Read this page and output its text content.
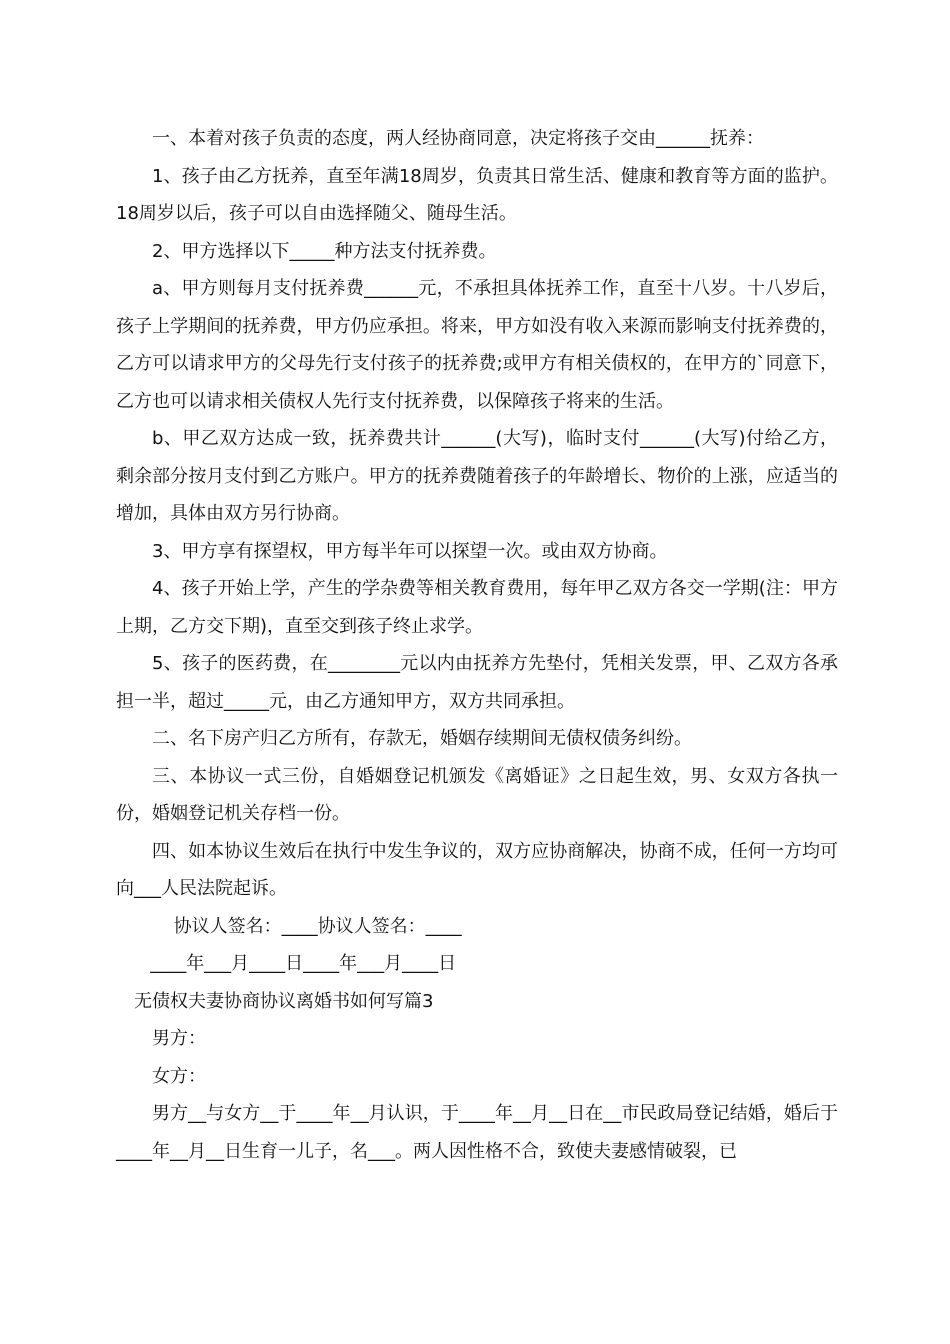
一、本着对孩子负责的态度，两人经协商同意，决定将孩子交由______抚养：

1、孩子由乙方抚养，直至年满18周岁，负责其日常生活、健康和教育等方面的监护。18周岁以后，孩子可以自由选择随父、随母生活。

2、甲方选择以下_____种方法支付抚养费。

a、甲方则每月支付抚养费______元，不承担具体抚养工作，直至十八岁。十八岁后，孩子上学期间的抚养费，甲方仍应承担。将来，甲方如没有收入来源而影响支付抚养费的，乙方可以请求甲方的父母先行支付孩子的抚养费;或甲方有相关债权的，在甲方的`同意下，乙方也可以请求相关债权人先行支付抚养费，以保障孩子将来的生活。

b、甲乙双方达成一致，抚养费共计______(大写)，临时支付______(大写)付给乙方，剩余部分按月支付到乙方账户。甲方的抚养费随着孩子的年龄增长、物价的上涨，应适当的增加，具体由双方另行协商。

3、甲方享有探望权，甲方每半年可以探望一次。或由双方协商。

4、孩子开始上学，产生的学杂费等相关教育费用，每年甲乙双方各交一学期(注：甲方上期，乙方交下期)，直至交到孩子终止求学。

5、孩子的医药费，在________元以内由抚养方先垫付，凭相关发票，甲、乙双方各承担一半，超过_____元，由乙方通知甲方，双方共同承担。

二、名下房产归乙方所有，存款无，婚姻存续期间无债权债务纠纷。

三、本协议一式三份，自婚姻登记机颁发《离婚证》之日起生效，男、女双方各执一份，婚姻登记机关存档一份。

四、如本协议生效后在执行中发生争议的，双方应协商解决，协商不成，任何一方均可向___人民法院起诉。

协议人签名：____协议人签名：____

____年___月____日____年___月____日

无债权夫妻协商协议离婚书如何写篇3

男方：

女方：

男方__与女方__于____年__月认识，于____年__月__日在__市民政局登记结婚，婚后于____年__月__日生育一儿子，名___。两人因性格不合，致使夫妻感情破裂，已
